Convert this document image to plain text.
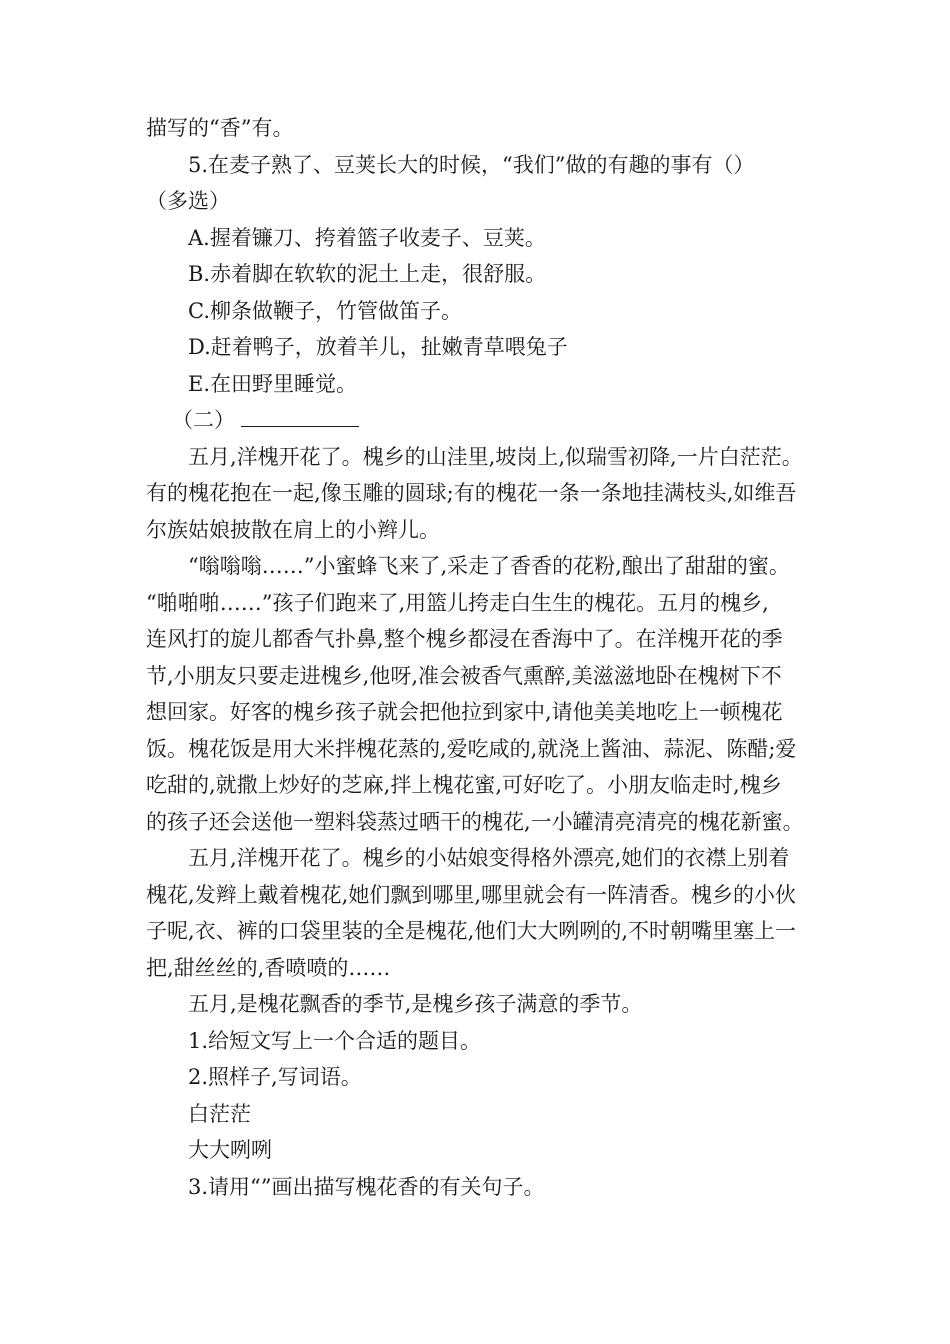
描写的“香”有。

5.在麦子熟了、豆荚长大的时候，“我们”做的有趣的事有（）

（多选）

A.握着镰刀、挎着篮子收麦子、豆荚。

B.赤着脚在软软的泥土上走，很舒服。

C.柳条做鞭子，竹管做笛子。

D.赶着鸭子，放着羊儿，扯嫩青草喂兔子

E.在田野里睡觉。

（二）

五月,洋槐开花了。槐乡的山洼里,坡岗上,似瑞雪初降,一片白茫茫。

有的槐花抱在一起,像玉雕的圆球;有的槐花一条一条地挂满枝头,如维吾

尔族姑娘披散在肩上的小辫儿。

“嗡嗡嗡……”小蜜蜂飞来了,采走了香香的花粉,酿出了甜甜的蜜。

“啪啪啪……”孩子们跑来了,用篮儿挎走白生生的槐花。五月的槐乡,

连风打的旋儿都香气扑鼻,整个槐乡都浸在香海中了。在洋槐开花的季

节,小朋友只要走进槐乡,他呀,准会被香气熏醉,美滋滋地卧在槐树下不

想回家。好客的槐乡孩子就会把他拉到家中,请他美美地吃上一顿槐花

饭。槐花饭是用大米拌槐花蒸的,爱吃咸的,就浇上酱油、蒜泥、陈醋;爱

吃甜的,就撒上炒好的芝麻,拌上槐花蜜,可好吃了。小朋友临走时,槐乡

的孩子还会送他一塑料袋蒸过晒干的槐花,一小罐清亮清亮的槐花新蜜。

五月,洋槐开花了。槐乡的小姑娘变得格外漂亮,她们的衣襟上别着

槐花,发辫上戴着槐花,她们飘到哪里,哪里就会有一阵清香。槐乡的小伙

子呢,衣、裤的口袋里装的全是槐花,他们大大咧咧的,不时朝嘴里塞上一

把,甜丝丝的,香喷喷的……

五月,是槐花飘香的季节,是槐乡孩子满意的季节。

1.给短文写上一个合适的题目。

2.照样子,写词语。

白茫茫

大大咧咧

3.请用“”画出描写槐花香的有关句子。
